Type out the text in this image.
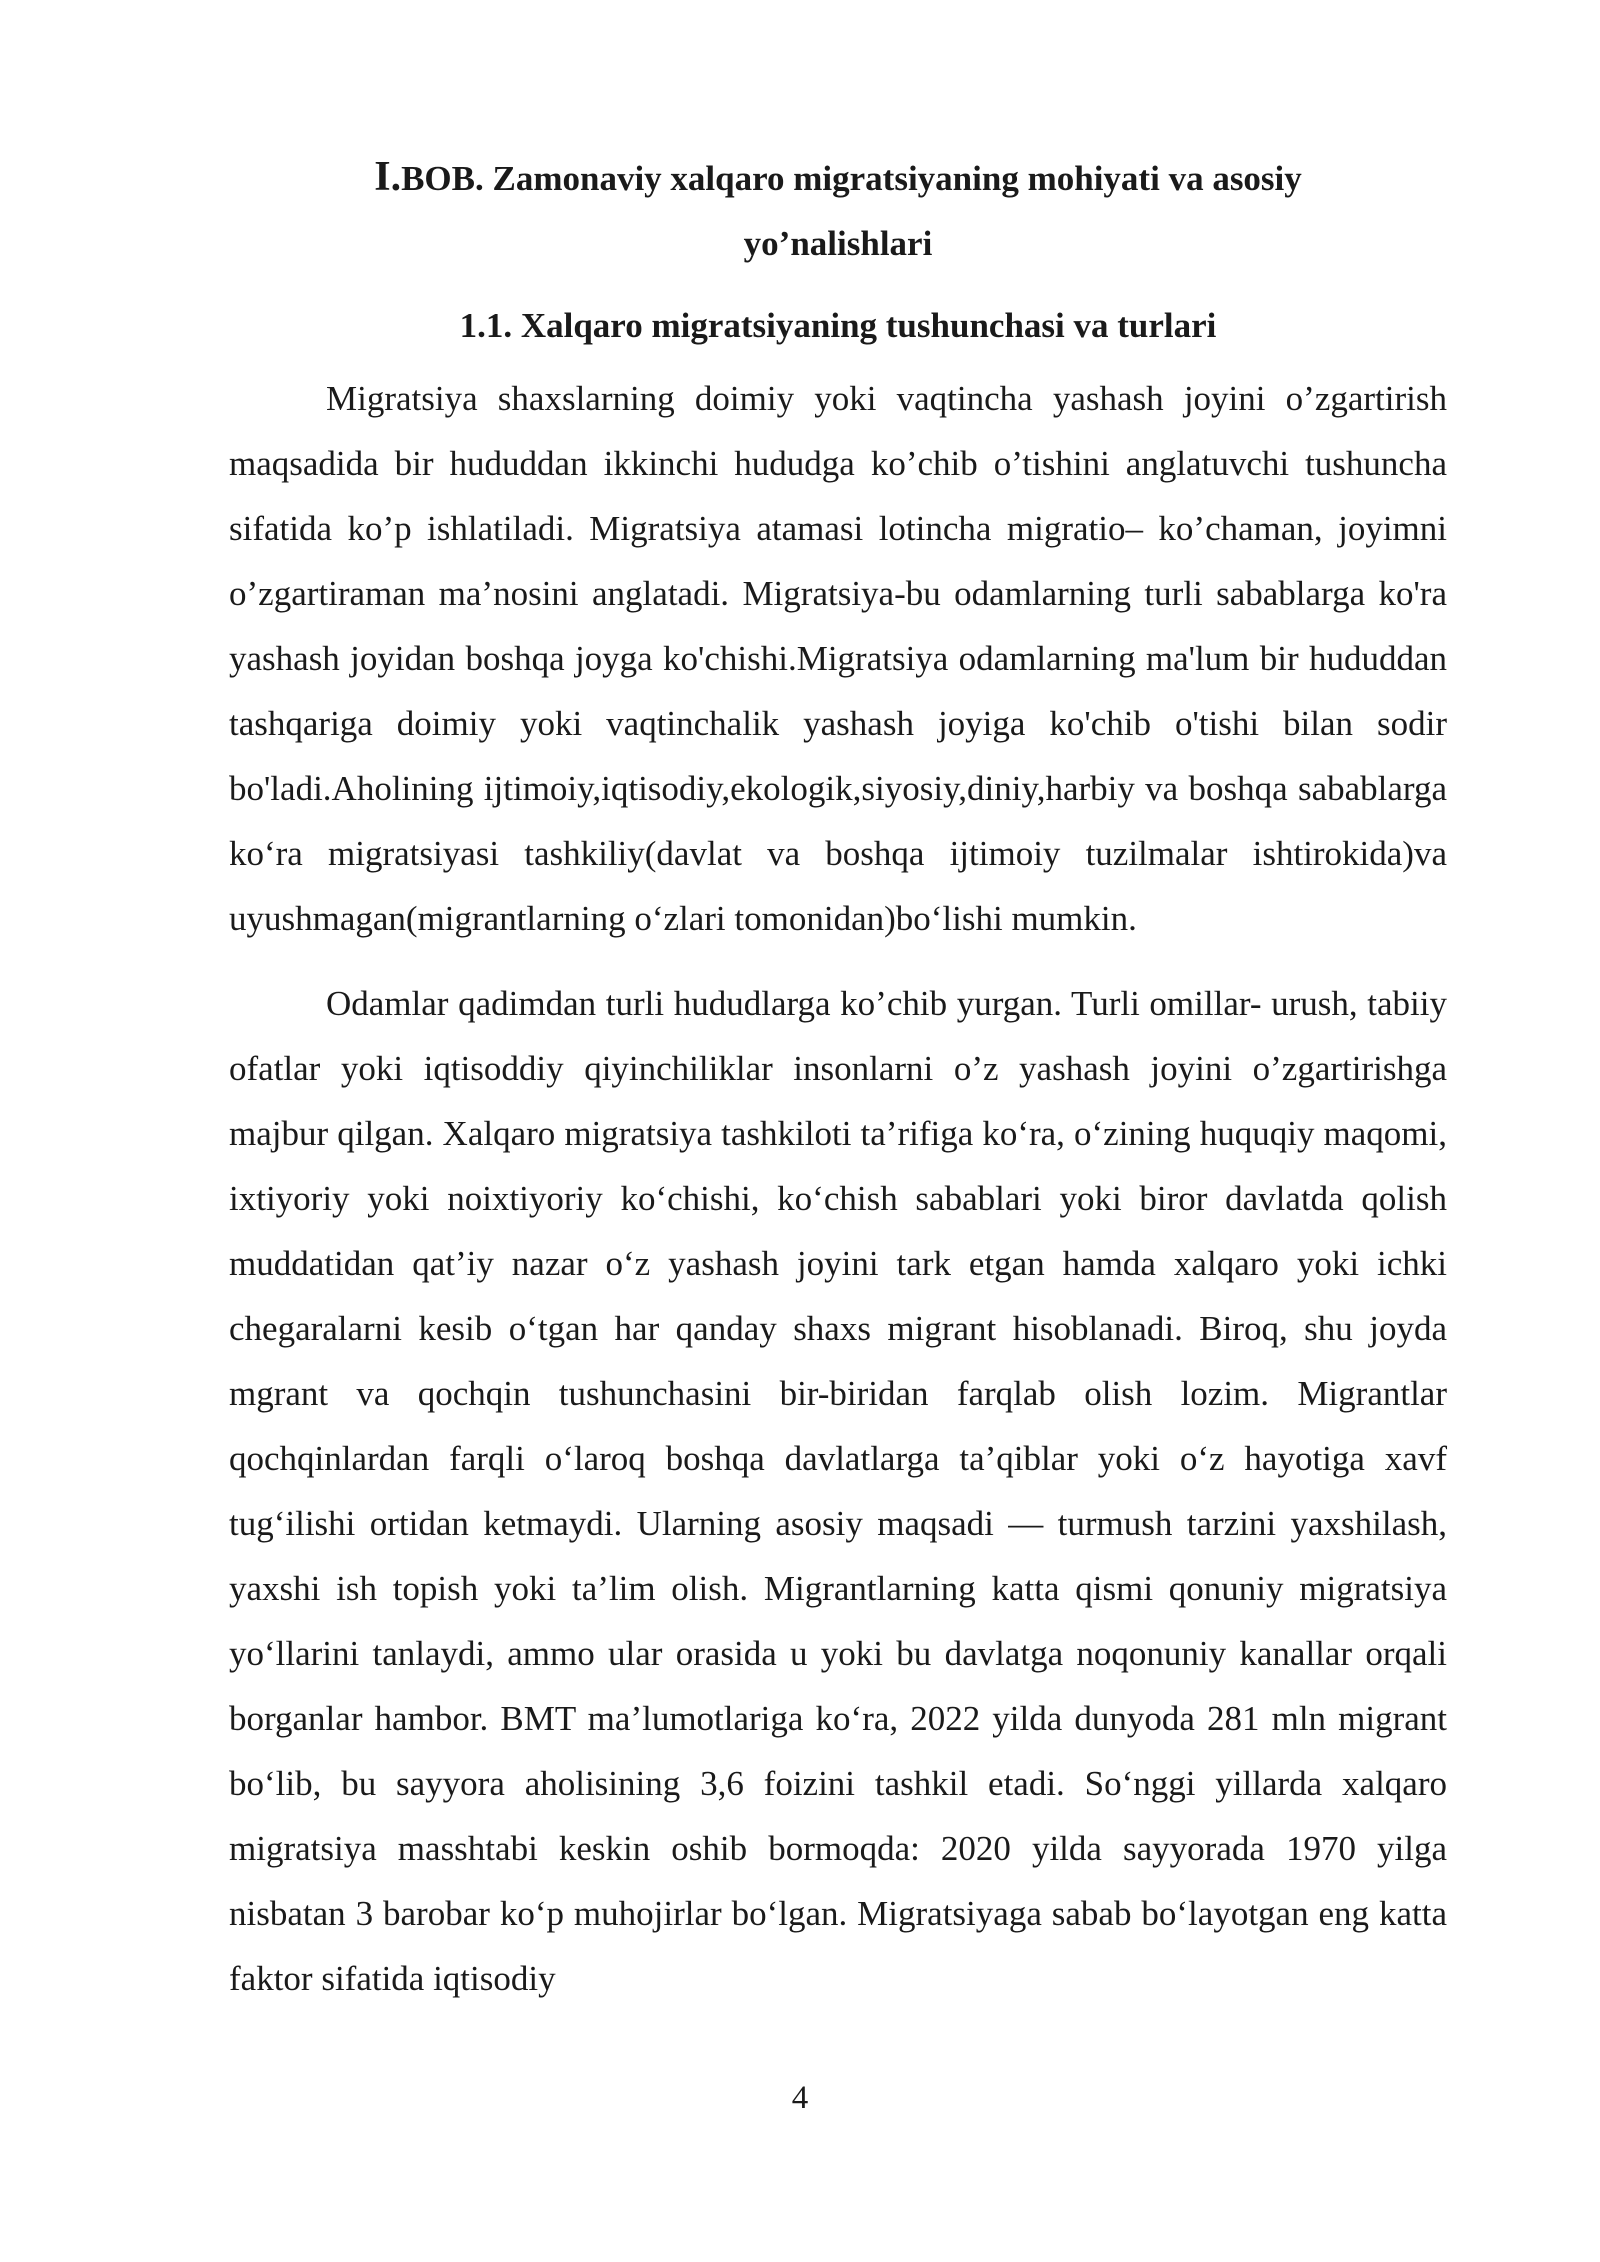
I.BOB. Zamonaviy xalqaro migratsiyaning mohiyati va asosiy yo’nalishlari
1.1. Xalqaro migratsiyaning tushunchasi va turlari

Migratsiya shaxslarning doimiy yoki vaqtincha yashash joyini o’zgartirish maqsadida bir hududdan ikkinchi hududga ko’chib o’tishini anglatuvchi tushuncha sifatida ko’p ishlatiladi. Migratsiya atamasi lotincha migratio– ko’chaman, joyimni o’zgartiraman ma’nosini anglatadi. Migratsiya-bu odamlarning turli sabablarga ko'ra yashash joyidan boshqa joyga ko'chishi.Migratsiya odamlarning ma'lum bir hududdan tashqariga doimiy yoki vaqtinchalik yashash joyiga ko'chib o'tishi bilan sodir bo'ladi.Aholining ijtimoiy,iqtisodiy,ekologik,siyosiy,diniy,harbiy va boshqa sabablarga ko‘ra migratsiyasi tashkiliy(davlat va boshqa ijtimoiy tuzilmalar ishtirokida)va uyushmagan(migrantlarning o‘zlari tomonidan)bo‘lishi mumkin.

Odamlar qadimdan turli hududlarga ko’chib yurgan. Turli omillar- urush, tabiiy ofatlar yoki iqtisoddiy qiyinchiliklar insonlarni o’z yashash joyini o’zgartirishga majbur qilgan. Xalqaro migratsiya tashkiloti ta’rifiga ko‘ra, o‘zining huquqiy maqomi, ixtiyoriy yoki noixtiyoriy ko‘chishi, ko‘chish sabablari yoki biror davlatda qolish muddatidan qat’iy nazar o‘z yashash joyini tark etgan hamda xalqaro yoki ichki chegaralarni kesib o‘tgan har qanday shaxs migrant hisoblanadi. Biroq, shu joyda mgrant va qochqin tushunchasini bir-biridan farqlab olish lozim. Migrantlar qochqinlardan farqli o‘laroq boshqa davlatlarga ta’qiblar yoki o‘z hayotiga xavf tug‘ilishi ortidan ketmaydi. Ularning asosiy maqsadi — turmush tarzini yaxshilash, yaxshi ish topish yoki ta’lim olish. Migrantlarning katta qismi qonuniy migratsiya yo‘llarini tanlaydi, ammo ular orasida u yoki bu davlatga noqonuniy kanallar orqali borganlar hambor. BMT ma’lumotlariga ko‘ra, 2022 yilda dunyoda 281 mln migrant bo‘lib, bu sayyora aholisining 3,6 foizini tashkil etadi. So‘nggi yillarda xalqaro migratsiya masshtabi keskin oshib bormoqda: 2020 yilda sayyorada 1970 yilga nisbatan 3 barobar ko‘p muhojirlar bo‘lgan. Migratsiyaga sabab bo‘layotgan eng katta faktor sifatida iqtisodiy

4
